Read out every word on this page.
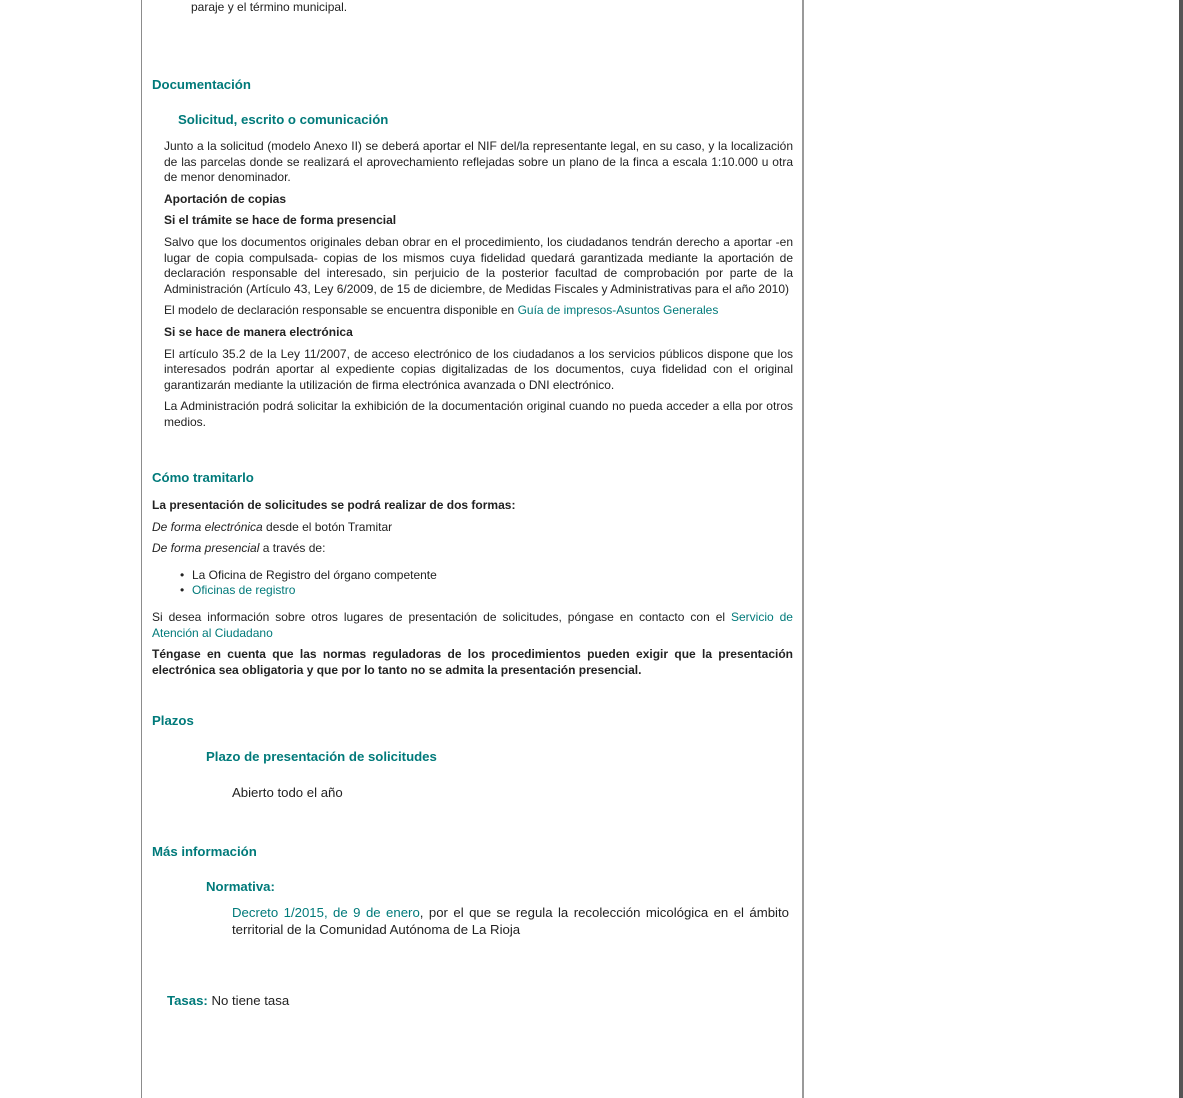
paraje y el término municipal.

Documentación
Solicitud, escrito o comunicación

Junto a la solicitud (modelo Anexo II) se deberá aportar el NIF del/la representante legal, en su caso, y la localización de las parcelas donde se realizará el aprovechamiento reflejadas sobre un plano de la finca a escala 1:10.000 u otra de menor denominador.

Aportación de copias

Si el trámite se hace de forma presencial

Salvo que los documentos originales deban obrar en el procedimiento, los ciudadanos tendrán derecho a aportar -en lugar de copia compulsada- copias de los mismos cuya fidelidad quedará garantizada mediante la aportación de declaración responsable del interesado, sin perjuicio de la posterior facultad de comprobación por parte de la Administración (Artículo 43, Ley 6/2009, de 15 de diciembre, de Medidas Fiscales y Administrativas para el año 2010)

El modelo de declaración responsable se encuentra disponible en Guía de impresos-Asuntos Generales

Si se hace de manera electrónica

El artículo 35.2 de la Ley 11/2007, de acceso electrónico de los ciudadanos a los servicios públicos dispone que los interesados podrán aportar al expediente copias digitalizadas de los documentos, cuya fidelidad con el original garantizarán mediante la utilización de firma electrónica avanzada o DNI electrónico.

La Administración podrá solicitar la exhibición de la documentación original cuando no pueda acceder a ella por otros medios.

Cómo tramitarlo

La presentación de solicitudes se podrá realizar de dos formas:

De forma electrónica desde el botón Tramitar

De forma presencial a través de:

• La Oficina de Registro del órgano competente
• Oficinas de registro

Si desea información sobre otros lugares de presentación de solicitudes, póngase en contacto con el Servicio de Atención al Ciudadano

Téngase en cuenta que las normas reguladoras de los procedimientos pueden exigir que la presentación electrónica sea obligatoria y que por lo tanto no se admita la presentación presencial.

Plazos
Plazo de presentación de solicitudes

Abierto todo el año

Más información
Normativa:

Decreto 1/2015, de 9 de enero, por el que se regula la recolección micológica en el ámbito territorial de la Comunidad Autónoma de La Rioja

Tasas: No tiene tasa
